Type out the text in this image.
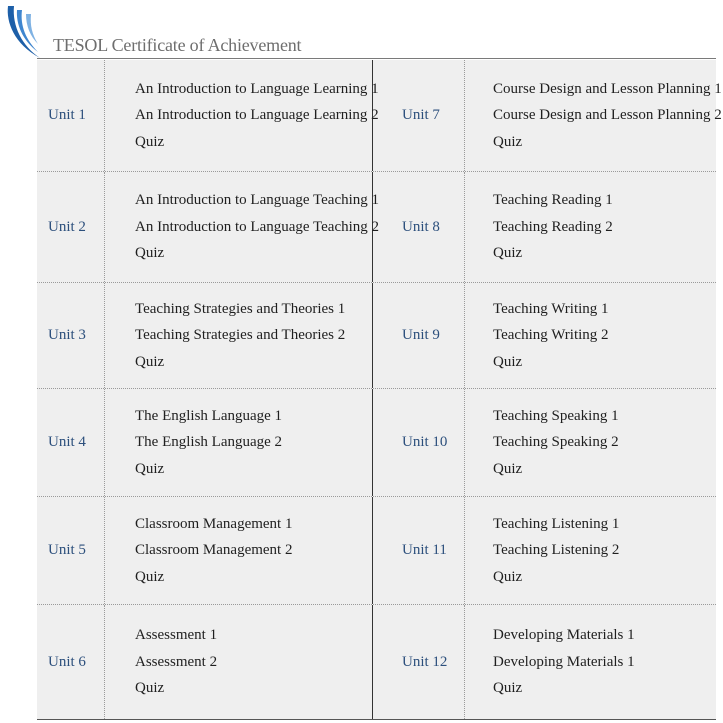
TESOL Certificate of Achievement
Unit 1
An Introduction to Language Learning 1
An Introduction to Language Learning 2
Quiz
Unit 7
Course Design and Lesson Planning 1
Course Design and Lesson Planning 2
Quiz
Unit 2
An Introduction to Language Teaching 1
An Introduction to Language Teaching 2
Quiz
Unit 8
Teaching Reading 1
Teaching Reading 2
Quiz
Unit 3
Teaching Strategies and Theories 1
Teaching Strategies and Theories 2
Quiz
Unit 9
Teaching Writing 1
Teaching Writing 2
Quiz
Unit 4
The English Language 1
The English Language 2
Quiz
Unit 10
Teaching Speaking 1
Teaching Speaking 2
Quiz
Unit 5
Classroom Management 1
Classroom Management 2
Quiz
Unit 11
Teaching Listening 1
Teaching Listening 2
Quiz
Unit 6
Assessment 1
Assessment 2
Quiz
Unit 12
Developing Materials 1
Developing Materials 1
Quiz
